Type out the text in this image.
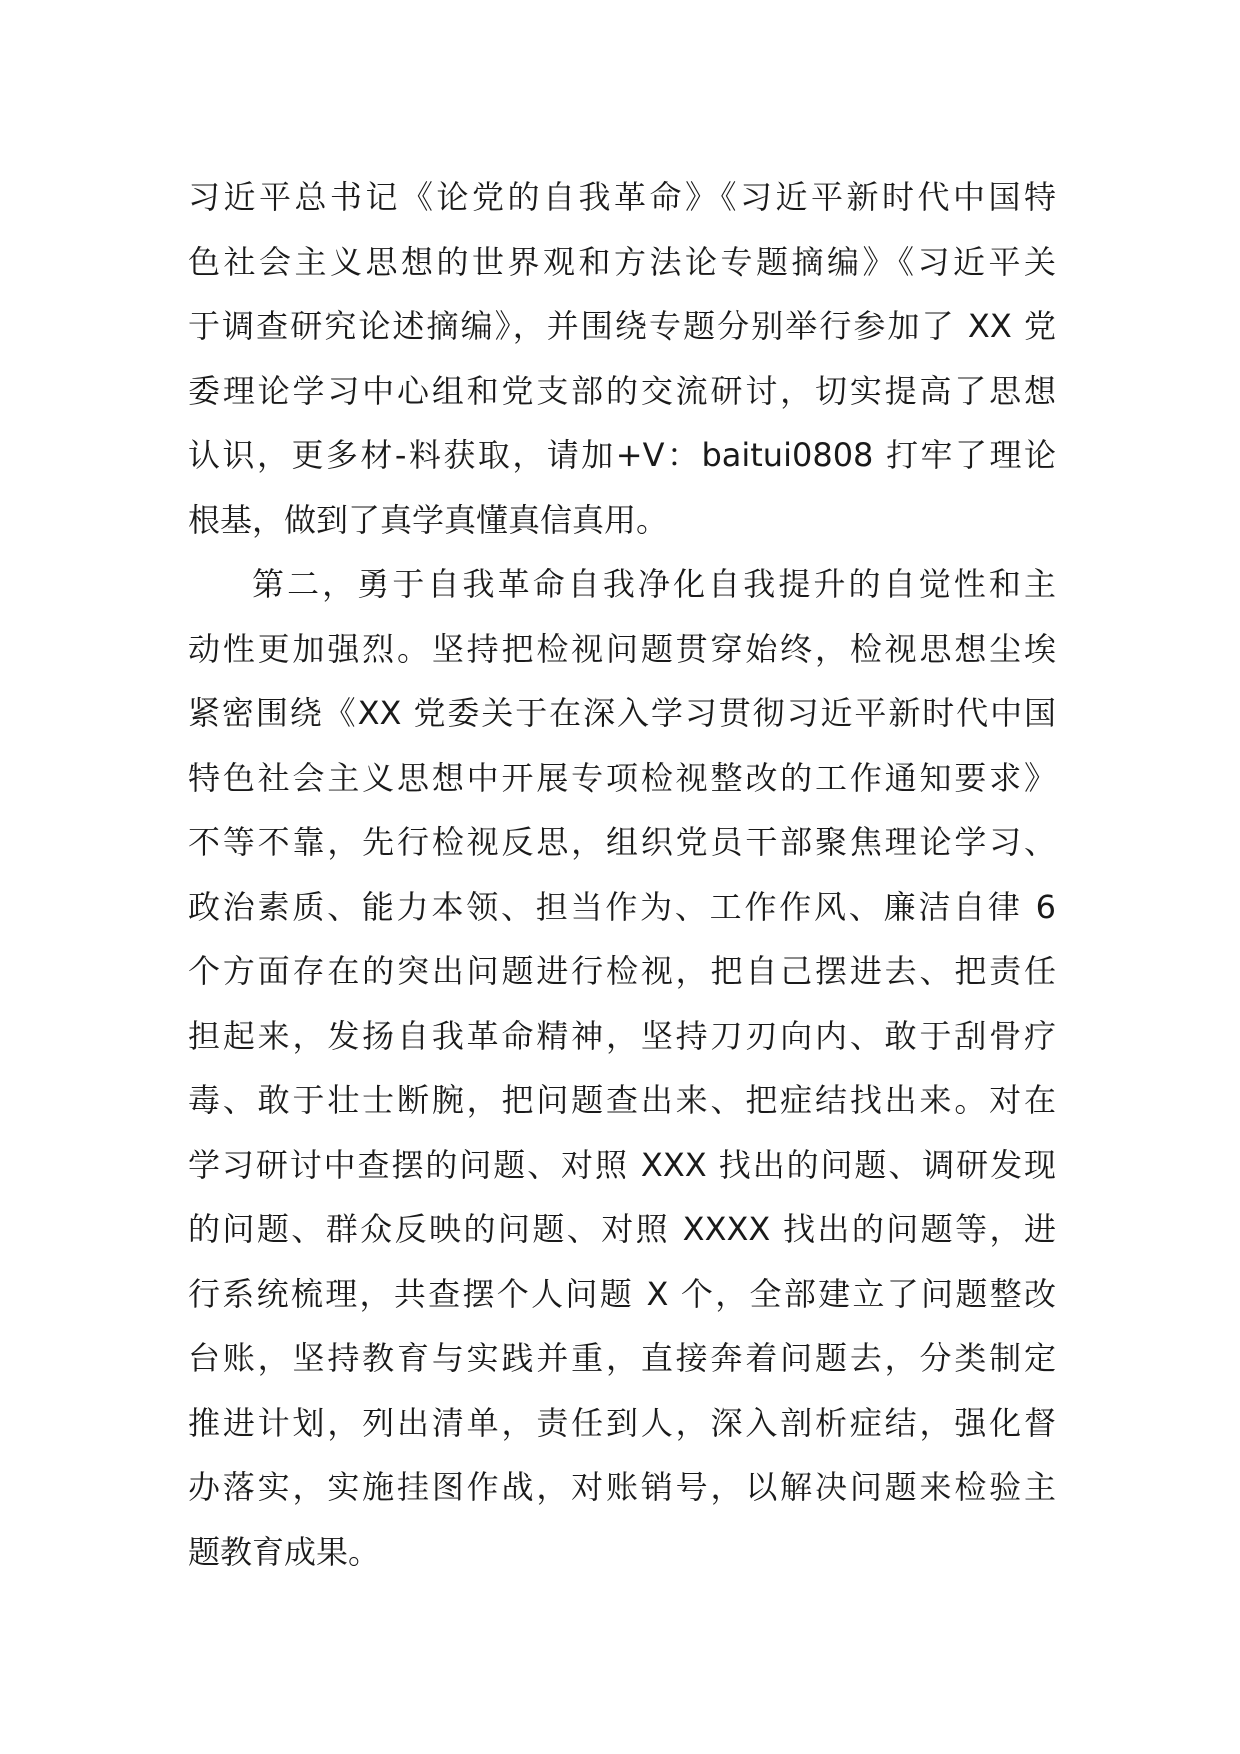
习近平总书记《论党的自我革命》《习近平新时代中国特
色社会主义思想的世界观和方法论专题摘编》《习近平关
于调查研究论述摘编》，并围绕专题分别举行参加了 XX 党
委理论学习中心组和党支部的交流研讨，切实提高了思想
认识，更多材-料获取，请加+V：baitui0808 打牢了理论
根基，做到了真学真懂真信真用。
第二，勇于自我革命自我净化自我提升的自觉性和主
动性更加强烈。坚持把检视问题贯穿始终，检视思想尘埃
紧密围绕《XX 党委关于在深入学习贯彻习近平新时代中国
特色社会主义思想中开展专项检视整改的工作通知要求》
不等不靠，先行检视反思，组织党员干部聚焦理论学习、
政治素质、能力本领、担当作为、工作作风、廉洁自律 6
个方面存在的突出问题进行检视，把自己摆进去、把责任
担起来，发扬自我革命精神，坚持刀刃向内、敢于刮骨疗
毒、敢于壮士断腕，把问题查出来、把症结找出来。对在
学习研讨中查摆的问题、对照 XXX 找出的问题、调研发现
的问题、群众反映的问题、对照 XXXX 找出的问题等，进
行系统梳理，共查摆个人问题 X 个，全部建立了问题整改
台账，坚持教育与实践并重，直接奔着问题去，分类制定
推进计划，列出清单，责任到人，深入剖析症结，强化督
办落实，实施挂图作战，对账销号，以解决问题来检验主
题教育成果。
